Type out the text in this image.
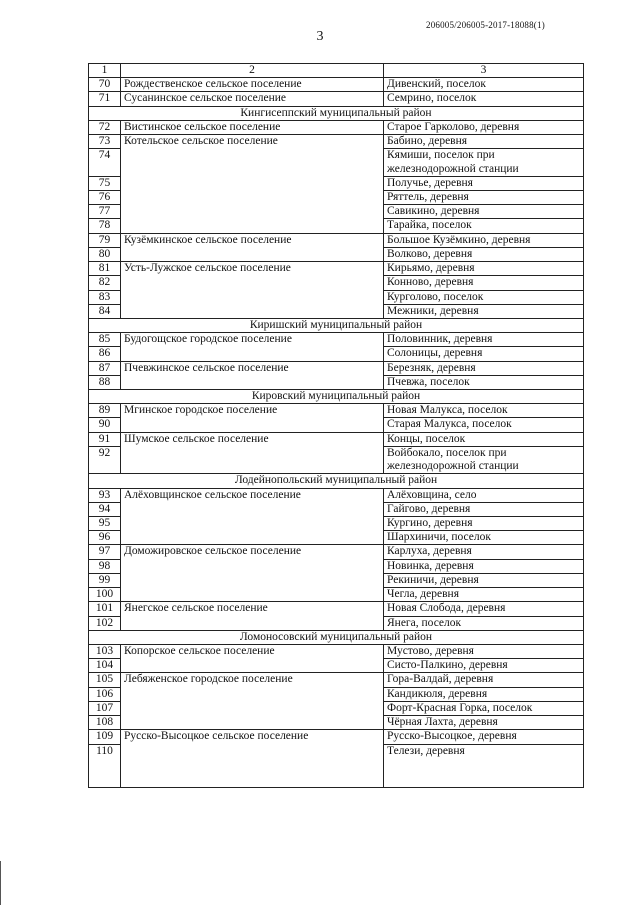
206005/206005-2017-18088(1)
3
1	2	3
70	Рождественское сельское поселение	Дивенский, поселок
71	Сусанинское сельское поселение	Семрино, поселок
Кингисеппский муниципальный район		
72	Вистинское сельское поселение	Старое Гарколово, деревня
73	Котельское сельское поселение	Бабино, деревня
74		Кямиши, поселок при железнодорожной станции
75		Получье, деревня
76		Ряттель, деревня
77		Савикино, деревня
78		Тарайка, поселок
79	Кузёмкинское сельское поселение	Большое Кузёмкино, деревня
80		Волково, деревня
81	Усть-Лужское сельское поселение	Кирьямо, деревня
82		Конново, деревня
83		Курголово, поселок
84		Межники, деревня
Киришский муниципальный район		
85	Будогощское городское поселение	Половинник, деревня
86		Солоницы, деревня
87	Пчевжинское сельское поселение	Березняк, деревня
88		Пчевжа, поселок
Кировский муниципальный район		
89	Мгинское городское поселение	Новая Малукса, поселок
90		Старая Малукса, поселок
91	Шумское сельское поселение	Концы, поселок
92		Войбокало, поселок при железнодорожной станции
Лодейнопольский муниципальный район		
93	Алёховщинское сельское поселение	Алёховщина, село
94		Гайгово, деревня
95		Кургино, деревня
96		Шархиничи, поселок
97	Доможировское сельское поселение	Карлуха, деревня
98		Новинка, деревня
99		Рекиничи, деревня
100		Чегла, деревня
101	Янегское сельское поселение	Новая Слобода, деревня
102		Янега, поселок
Ломоносовский муниципальный район		
103	Копорское сельское поселение	Мустово, деревня
104		Систо-Палкино, деревня
105	Лебяженское городское поселение	Гора-Валдай, деревня
106		Кандикюля, деревня
107		Форт-Красная Горка, поселок
108		Чёрная Лахта, деревня
109	Русско-Высоцкое сельское поселение	Русско-Высоцкое, деревня
110		Телези, деревня
